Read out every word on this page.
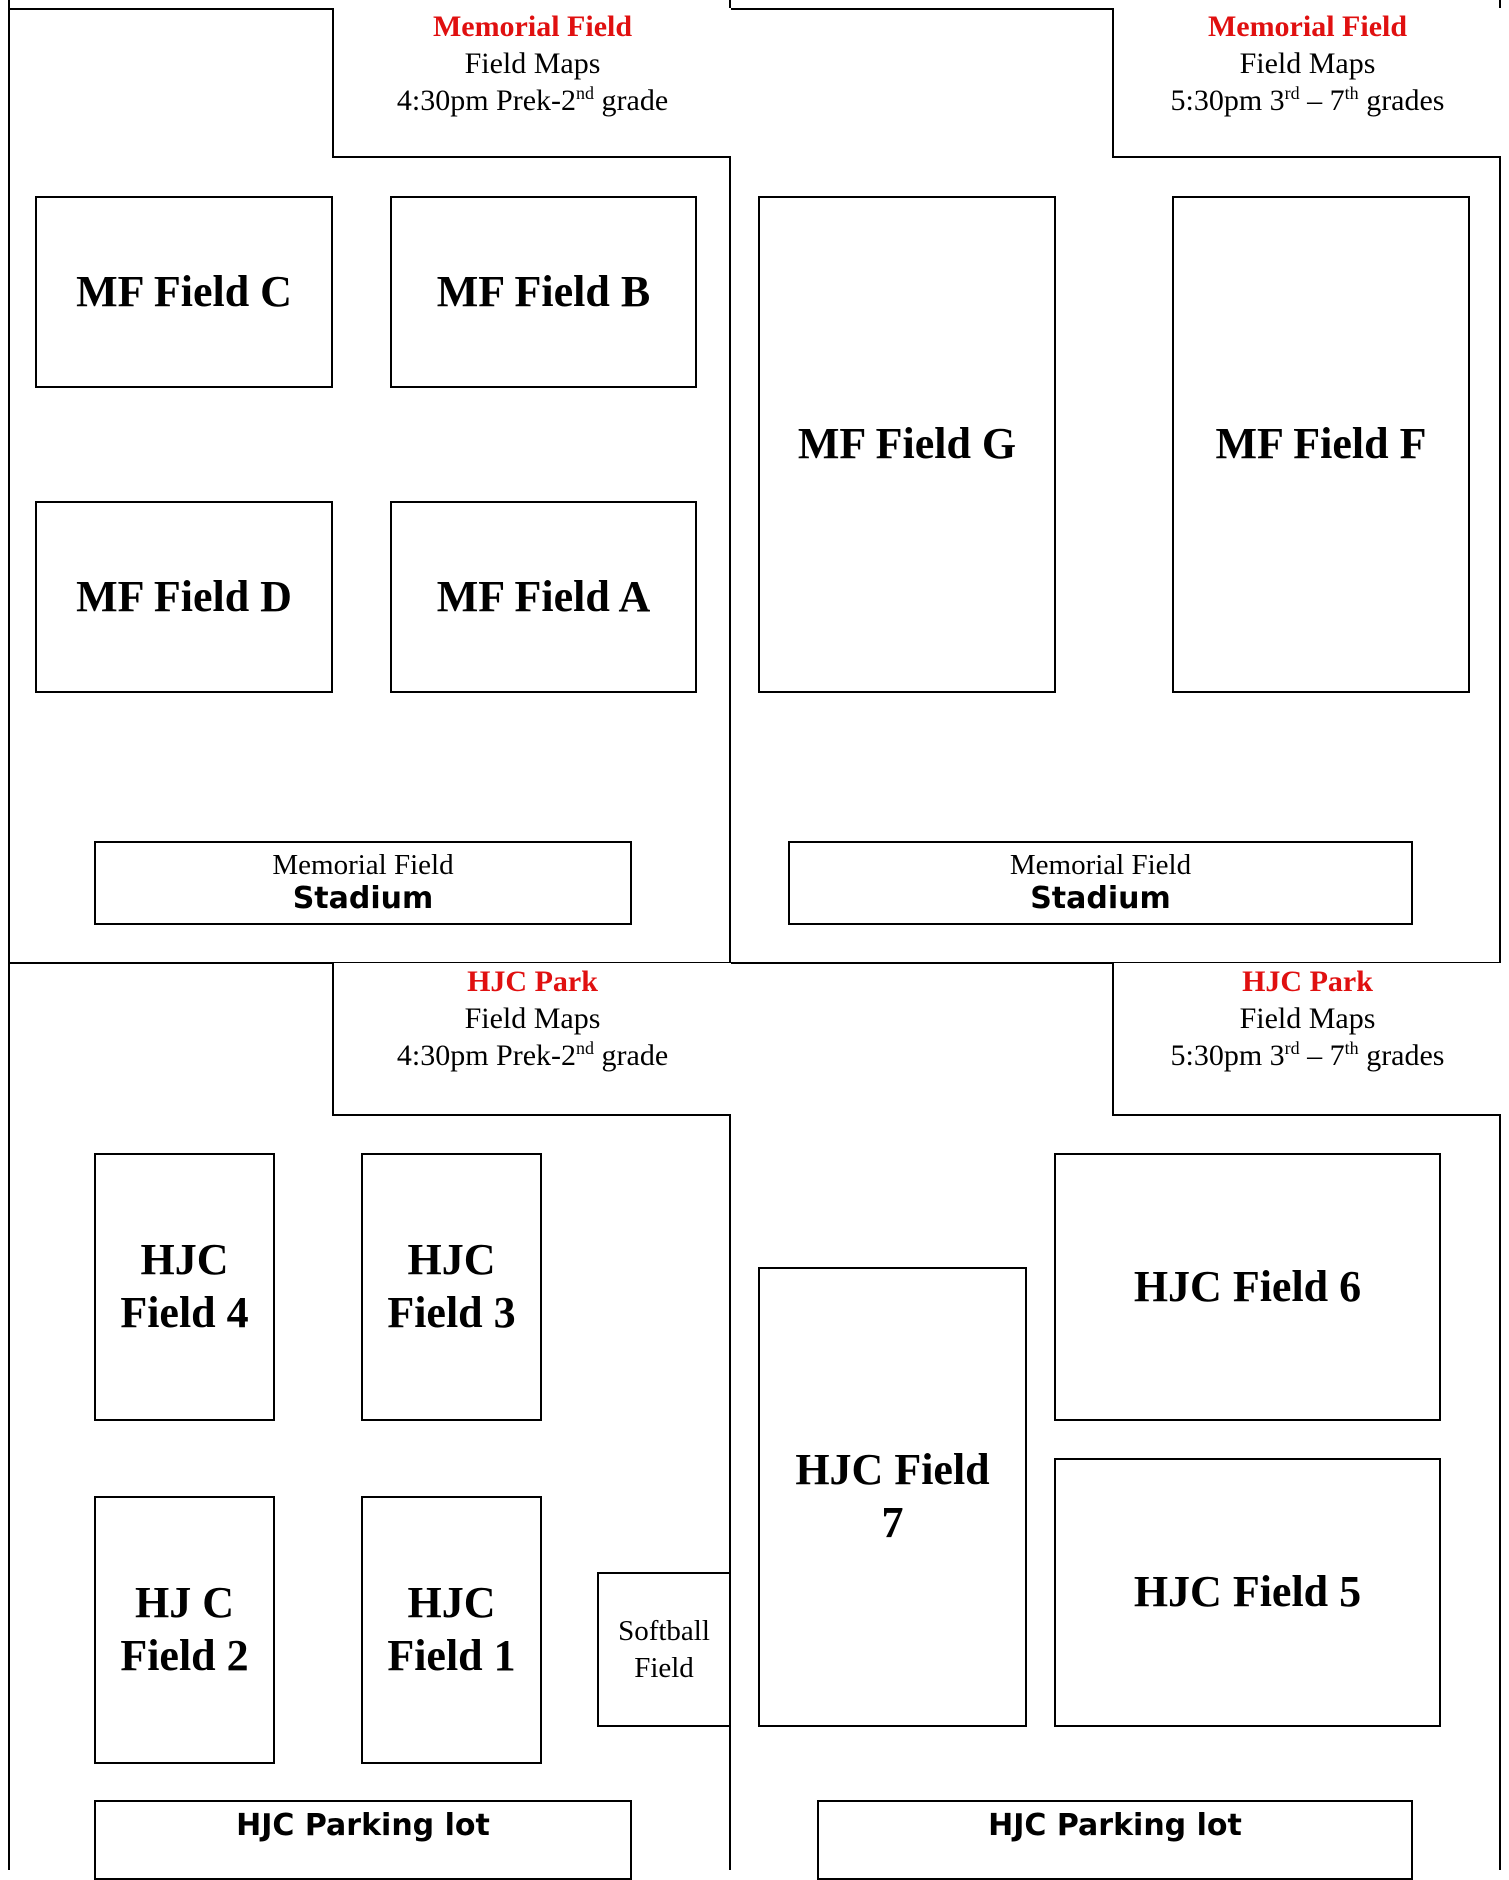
Memorial Field
Field Maps
4:30pm Prek-2nd grade
MF Field C	MF Field B
MF Field D	MF Field A
Memorial Field
Stadium
Memorial Field
Field Maps
5:30pm 3rd – 7th grades
MF Field G	MF Field F
Memorial Field
Stadium
HJC Park
Field Maps
4:30pm Prek-2nd grade
HJC
Field 4
HJC
Field 3
HJ C
Field 2
HJC
Field 1
Softball
Field
HJC Parking lot
HJC Park
Field Maps
5:30pm 3rd – 7th grades
HJC Field
7
HJC Field 6
HJC Field 5
HJC Parking lot
